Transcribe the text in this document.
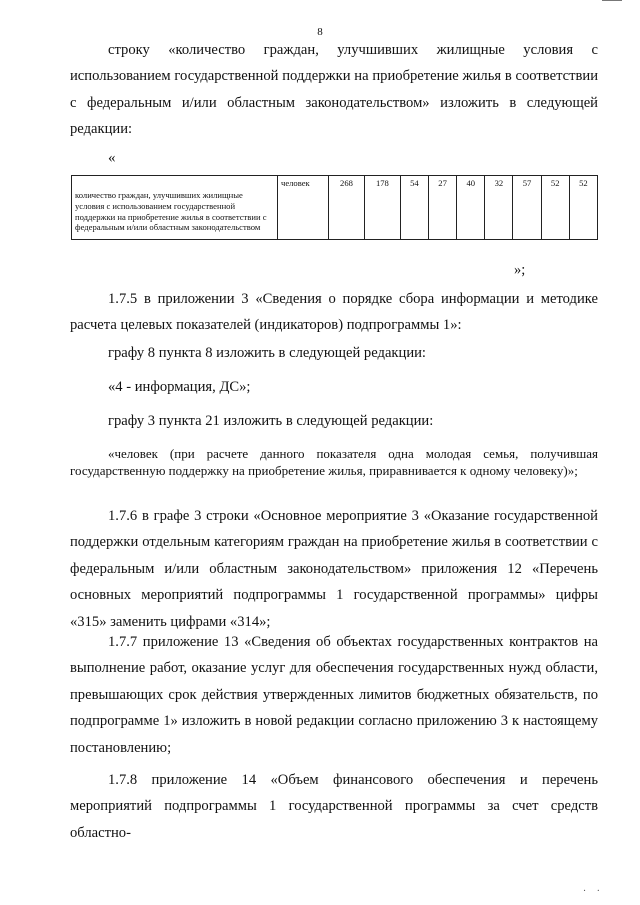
8

строку «количество граждан, улучшивших жилищные условия с использованием государственной поддержки на приобретение жилья в соответствии с федеральным и/или областным законодательством» изложить в следующей редакции:

«
количество граждан, улучшивших жилищные условия с использованием государственной поддержки на приобретение жилья в соответствии с федеральным и/или областным законодательством	человек	268	178	54	27	40	32	57	52	52
»;

1.7.5 в приложении 3 «Сведения о порядке сбора информации и методике расчета целевых показателей (индикаторов) подпрограммы 1»:

графу 8 пункта 8 изложить в следующей редакции:

«4 - информация, ДС»;

графу 3 пункта 21 изложить в следующей редакции:

«человек (при расчете данного показателя одна молодая семья, получившая государственную поддержку на приобретение жилья, приравнивается к одному человеку)»;

1.7.6 в графе 3 строки «Основное мероприятие 3 «Оказание государственной поддержки отдельным категориям граждан на приобретение жилья в соответствии с федеральным и/или областным законодательством» приложения 12 «Перечень основных мероприятий подпрограммы 1 государственной программы» цифры «315» заменить цифрами «314»;

1.7.7 приложение 13 «Сведения об объектах государственных контрактов на выполнение работ, оказание услуг для обеспечения государственных нужд области, превышающих срок действия утвержденных лимитов бюджетных обязательств, по подпрограмме 1» изложить в новой редакции согласно приложению 3 к настоящему постановлению;

1.7.8 приложение 14 «Объем финансового обеспечения и перечень мероприятий подпрограммы 1 государственной программы за счет средств областно-

· ·
